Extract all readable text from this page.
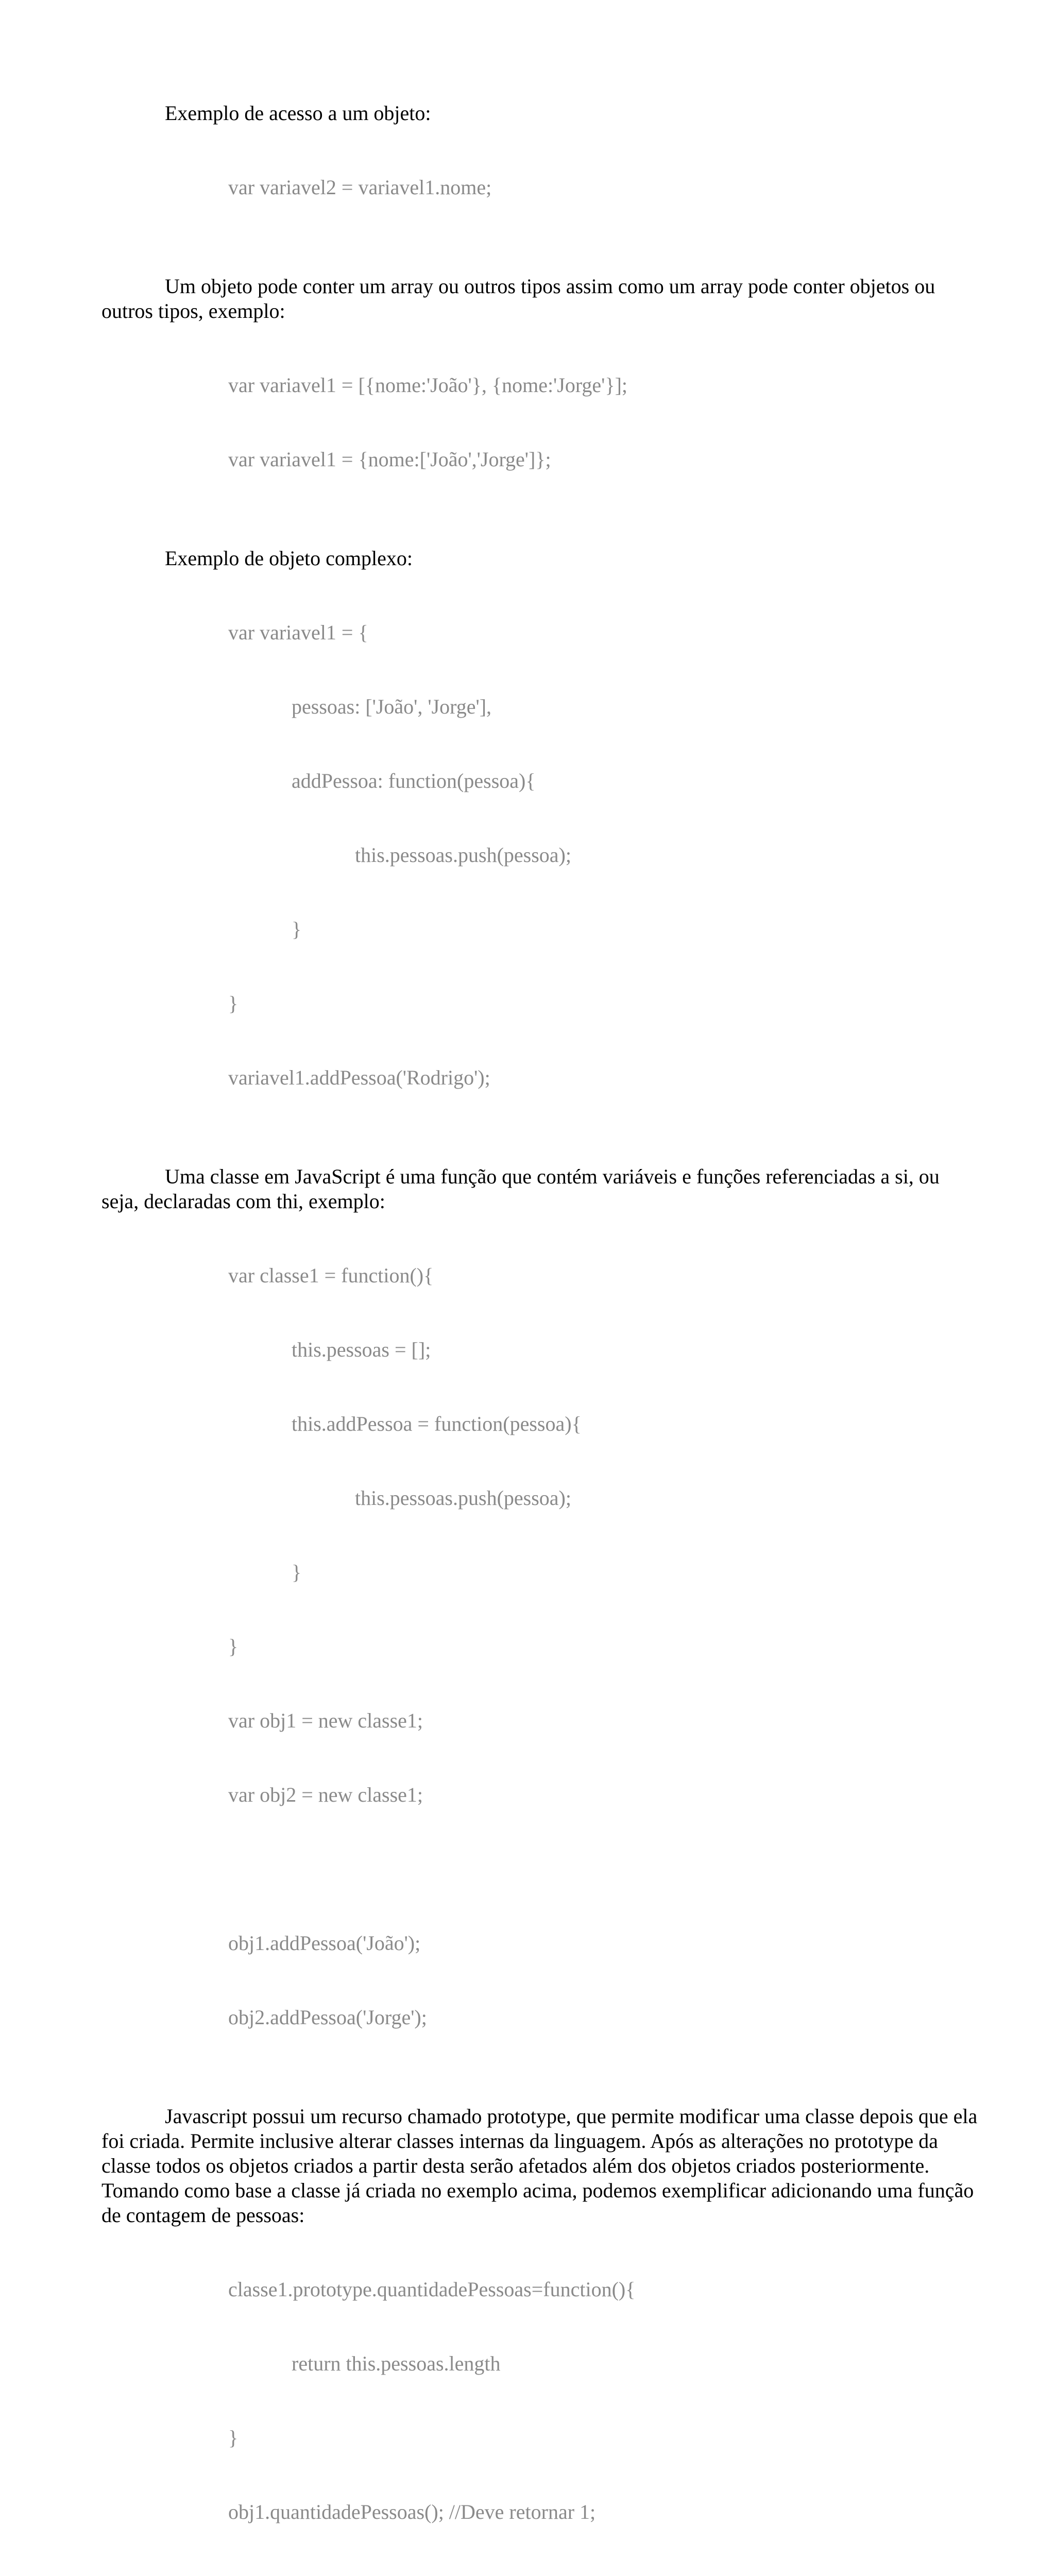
Exemplo de acesso a um objeto:

var variavel2 = variavel1.nome;

Um objeto pode conter um array ou outros tipos assim como um array pode conter objetos ou outros tipos, exemplo:

var variavel1 = [{nome:'João'}, {nome:'Jorge'}];

var variavel1 = {nome:['João','Jorge']};

Exemplo de objeto complexo:

var variavel1 = {

pessoas: ['João', 'Jorge'],

addPessoa: function(pessoa){

this.pessoas.push(pessoa);

}

}

variavel1.addPessoa('Rodrigo');

Uma classe em JavaScript é uma função que contém variáveis e funções referenciadas a si, ou seja, declaradas com thi, exemplo:

var classe1 = function(){

this.pessoas = [];

this.addPessoa = function(pessoa){

this.pessoas.push(pessoa);

}

}

var obj1 = new classe1;

var obj2 = new classe1;

obj1.addPessoa('João');

obj2.addPessoa('Jorge');

Javascript possui um recurso chamado prototype, que permite modificar uma classe depois que ela foi criada. Permite inclusive alterar classes internas da linguagem. Após as alterações no prototype da classe todos os objetos criados a partir desta serão afetados além dos objetos criados posteriormente. Tomando como base a classe já criada no exemplo acima, podemos exemplificar adicionando uma função de contagem de pessoas:

classe1.prototype.quantidadePessoas=function(){

return this.pessoas.length

}

obj1.quantidadePessoas(); //Deve retornar 1;
